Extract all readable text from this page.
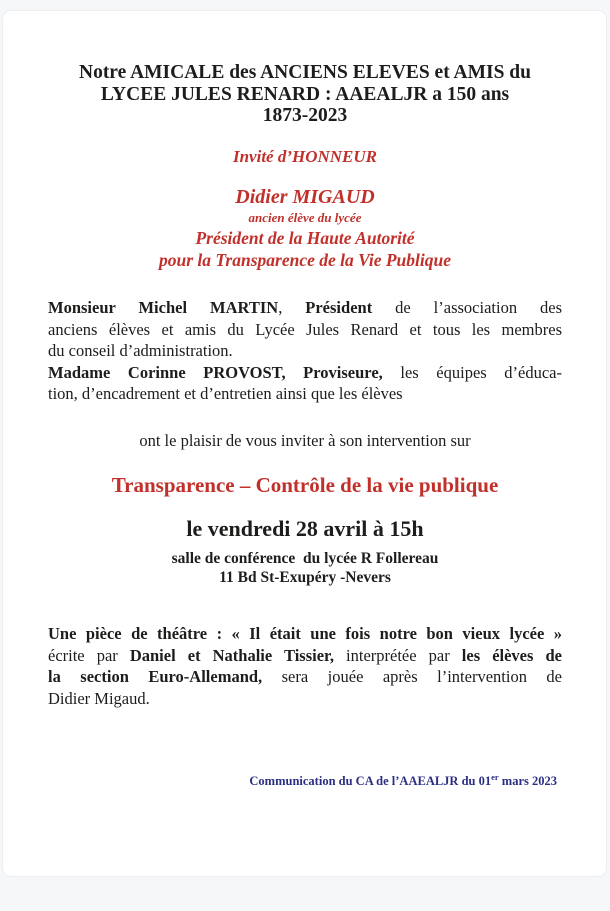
Notre AMICALE des ANCIENS ELEVES et AMIS du
LYCEE JULES RENARD : AAEALJR a 150 ans
1873-2023
Invité d’HONNEUR
Didier MIGAUD
ancien élève du lycée
Président de la Haute Autorité
pour la Transparence de la Vie Publique
Monsieur Michel MARTIN, Président de l’association des
anciens élèves et amis du Lycée Jules Renard et tous les membres
du conseil d’administration.
Madame Corinne PROVOST, Proviseure, les équipes d’éduca-
tion, d’encadrement et d’entretien ainsi que les élèves
ont le plaisir de vous inviter à son intervention sur
Transparence – Contrôle de la vie publique
le vendredi 28 avril à 15h
salle de conférence  du lycée R Follereau
11 Bd St-Exupéry -Nevers
Une pièce de théâtre : « Il était une fois notre bon vieux lycée »
écrite par Daniel et Nathalie Tissier, interprétée par les élèves de
la section Euro-Allemand, sera jouée après l’intervention de
Didier Migaud.
Communication du CA de l’AAEALJR du 01er mars 2023
